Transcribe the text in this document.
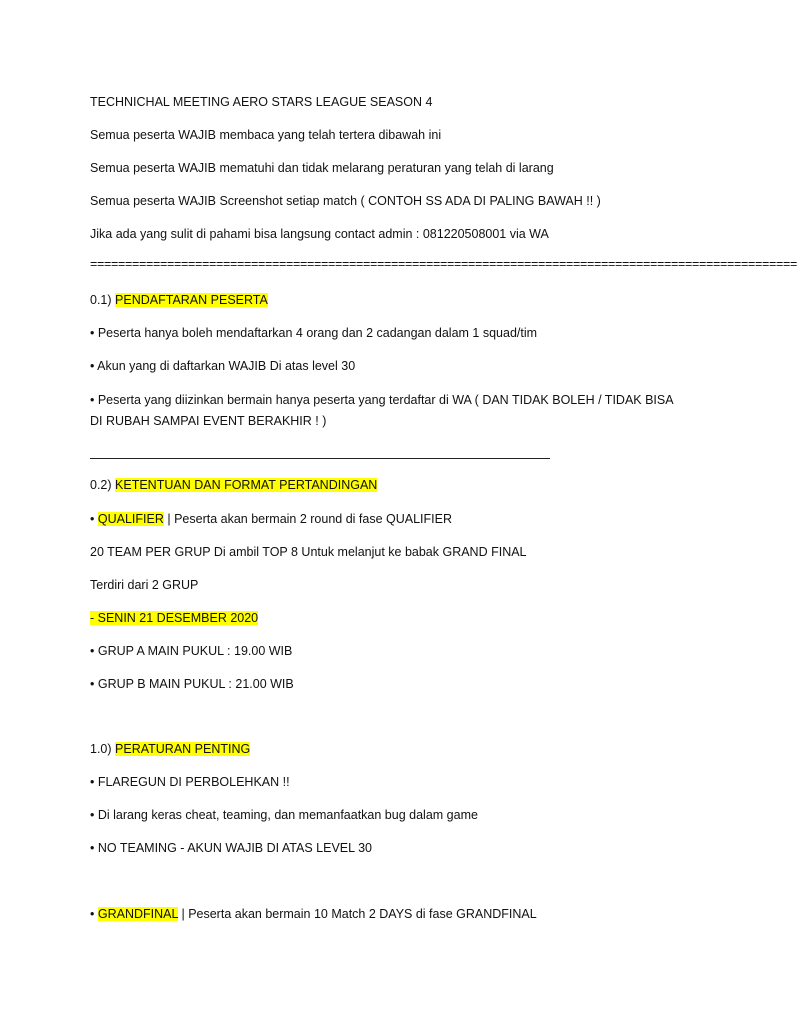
TECHNICHAL MEETING AERO STARS LEAGUE SEASON 4
Semua peserta WAJIB membaca yang telah tertera dibawah ini
Semua peserta WAJIB mematuhi dan tidak melarang peraturan yang telah di larang
Semua peserta WAJIB Screenshot setiap match ( CONTOH SS ADA DI PALING BAWAH !! )
Jika ada yang sulit di pahami bisa langsung contact admin : 081220508001 via WA
=====================================================================================================
0.1) PENDAFTARAN PESERTA
• Peserta hanya boleh mendaftarkan 4 orang dan 2 cadangan dalam 1 squad/tim
• Akun yang di daftarkan WAJIB Di atas level 30
• Peserta yang diizinkan bermain hanya peserta yang terdaftar di WA ( DAN TIDAK BOLEH / TIDAK BISA
DI RUBAH SAMPAI EVENT BERAKHIR ! )
0.2) KETENTUAN DAN FORMAT PERTANDINGAN
• QUALIFIER | Peserta akan bermain 2 round di fase QUALIFIER
20 TEAM PER GRUP Di ambil TOP 8 Untuk melanjut ke babak GRAND FINAL
Terdiri dari 2 GRUP
- SENIN 21 DESEMBER 2020
• GRUP A MAIN PUKUL : 19.00 WIB
• GRUP B MAIN PUKUL : 21.00 WIB
1.0) PERATURAN PENTING
• FLAREGUN DI PERBOLEHKAN !!
• Di larang keras cheat, teaming, dan memanfaatkan bug dalam game
• NO TEAMING - AKUN WAJIB DI ATAS LEVEL 30
• GRANDFINAL | Peserta akan bermain 10 Match 2 DAYS di fase GRANDFINAL
